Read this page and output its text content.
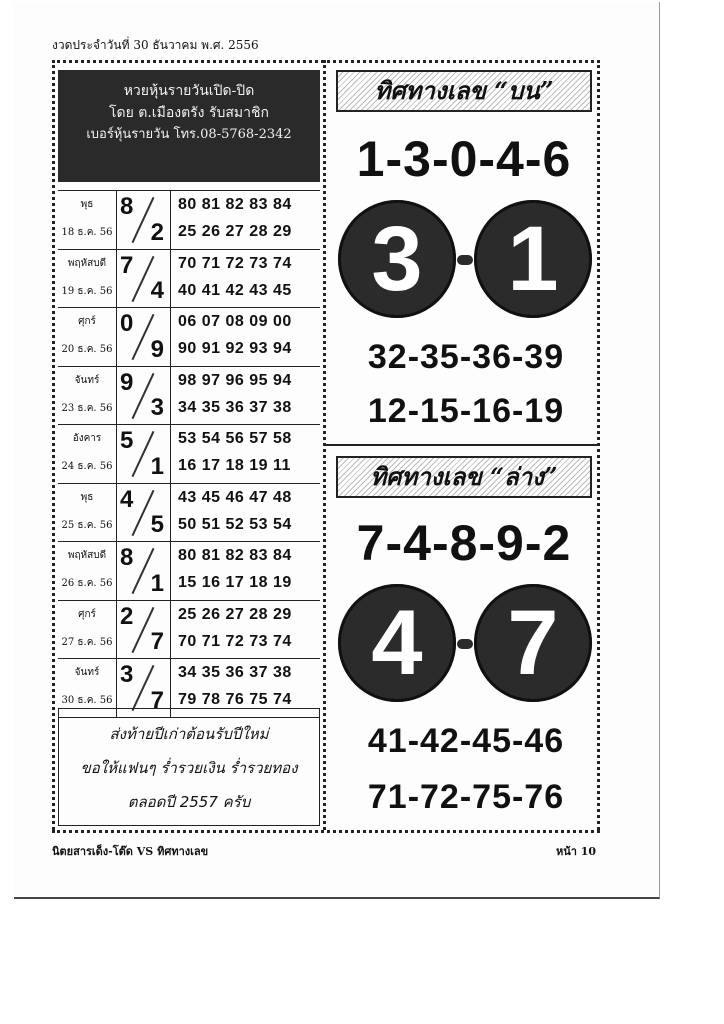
งวดประจำวันที่ 30 ธันวาคม พ.ศ. 2556
หวยหุ้นรายวันเปิด-ปิด
โดย ต.เมืองตรัง รับสมาชิก
เบอร์หุ้นรายวัน โทร.08-5768-2342
พุธ
18 ธ.ค. 56
8
2
80 81 82 83 84
25 26 27 28 29
พฤหัสบดี
19 ธ.ค. 56
7
4
70 71 72 73 74
40 41 42 43 45
ศุกร์
20 ธ.ค. 56
0
9
06 07 08 09 00
90 91 92 93 94
จันทร์
23 ธ.ค. 56
9
3
98 97 96 95 94
34 35 36 37 38
อังคาร
24 ธ.ค. 56
5
1
53 54 56 57 58
16 17 18 19 11
พุธ
25 ธ.ค. 56
4
5
43 45 46 47 48
50 51 52 53 54
พฤหัสบดี
26 ธ.ค. 56
8
1
80 81 82 83 84
15 16 17 18 19
ศุกร์
27 ธ.ค. 56
2
7
25 26 27 28 29
70 71 72 73 74
จันทร์
30 ธ.ค. 56
3
7
34 35 36 37 38
79 78 76 75 74
ส่งท้ายปีเก่าต้อนรับปีใหม่
ขอให้แฟนๆ ร่ำรวยเงิน ร่ำรวยทอง
ตลอดปี 2557 ครับ
ทิศทางเลข “บน”
1-3-0-4-6
3 1
32-35-36-39
12-15-16-19
ทิศทางเลข “ล่าง”
7-4-8-9-2
4 7
41-42-45-46
71-72-75-76
นิตยสารเด็ง-โต๊ด VS ทิศทางเลข	หน้า 10
